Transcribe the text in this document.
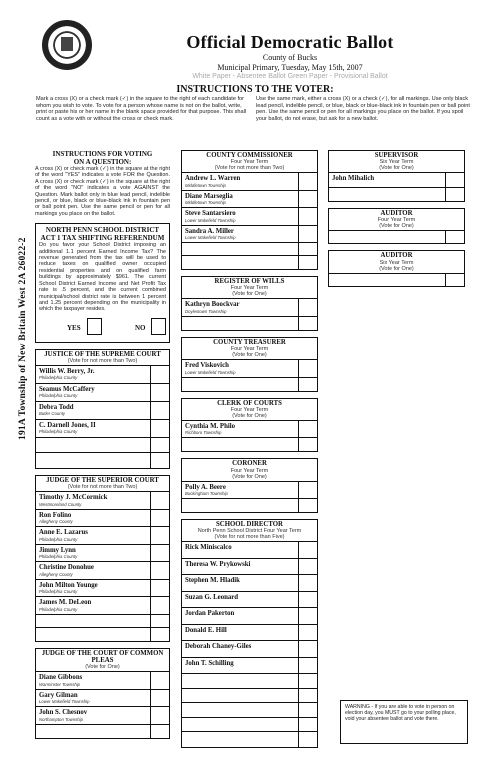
191A Township of New Britain West 2A 26022-2
Official Democratic Ballot
County of Bucks
Municipal Primary, Tuesday, May 15th, 2007
White Paper - Absentee Ballot Green Paper - Provisional Ballot
INSTRUCTIONS TO THE VOTER:
Mark a cross (X) or a check mark (✓) in the square to the right of each candidate for whom you wish to vote. To vote for a person whose name is not on the ballot, write, print or paste his or her name in the blank space provided for that purpose. This shall count as a vote with or without the cross or check mark.
Use the same mark, either a cross (X) or a check (✓), for all markings. Use only black lead pencil, indelible pencil, or blue, black or blue-black ink in fountain pen or ball point pen. Use the same pencil or pen for all markings you place on the ballot. If you spoil your ballot, do not erase, but ask for a new ballot.
INSTRUCTIONS FOR VOTING ON A QUESTION:
A cross (X) or check mark (✓) in the square at the right of the word "YES" indicates a vote FOR the Question. A cross (X) or check mark (✓) in the square at the right of the word "NO" indicates a vote AGAINST the Question. Mark ballot only in blue lead pencil, indelible pencil, or blue, black or blue-black ink in fountain pen or ball point pen. Use the same pencil or pen for all markings you place on the ballot.
NORTH PENN SCHOOL DISTRICT ACT 1 TAX SHIFTING REFERENDUM
Do you favor your School District imposing an additional 1.1 percent Earned Income Tax? The revenue generated from the tax will be used to reduce taxes on qualified owner occupied residential properties and on qualified farm buildings by approximately $961. The current School District Earned Income and Net Profit Tax rate is .5 percent, and the current combined municipal/school district rate is between 1 percent and 1.25 percent depending on the municipality in which the taxpayer resides.
YES	NO
JUSTICE OF THE SUPREME COURT
(Vote for not more than Two)
Willis W. Berry, Jr.
Philadelphia County
Seamus McCaffery
Philadelphia County
Debra Todd
Butler County
C. Darnell Jones, II
Philadelphia County
JUDGE OF THE SUPERIOR COURT
(Vote for not more than Two)
Timothy J. McCormick
Westmoreland County
Ron Folino
Allegheny County
Anne E. Lazarus
Philadelphia County
Jimmy Lynn
Philadelphia County
Christine Donohue
Allegheny County
John Milton Younge
Philadelphia County
James M. DeLeon
Philadelphia County
JUDGE OF THE COURT OF COMMON PLEAS
(Vote for One)
Diane Gibbons
Warminster Township
Gary Gilman
Lower Makefield Township
John S. Chesnov
Northampton Township
COUNTY COMMISSIONER
Four Year Term
(Vote for not more than Two)
Andrew L. Warren
Middletown Township
Diane Marseglia
Middletown Township
Steve Santarsiero
Lower Makefield Township
Sandra A. Miller
Lower Makefield Township
REGISTER OF WILLS
Four Year Term
(Vote for One)
Kathryn Boockvar
Doylestown Township
COUNTY TREASURER
Four Year Term
(Vote for One)
Fred Viskovich
Lower Makefield Township
CLERK OF COURTS
Four Year Term
(Vote for One)
Cynthia M. Philo
Richboro Township
CORONER
Four Year Term
(Vote for One)
Polly A. Beere
Buckingham Township
SCHOOL DIRECTOR
North Penn School District Four Year Term
(Vote for not more than Five)
Rick Miniscalco
Theresa W. Prykowski
Stephen M. Hladik
Suzan G. Leonard
Jordan Pakerton
Donald E. Hill
Deborah Chaney-Giles
John T. Schilling
SUPERVISOR
Six Year Term
(Vote for One)
John Mihalich
AUDITOR
Four Year Term
(Vote for One)
AUDITOR
Six Year Term
(Vote for One)
WARNING - If you are able to vote in person on election day, you MUST go to your polling place, void your absentee ballot and vote there.
